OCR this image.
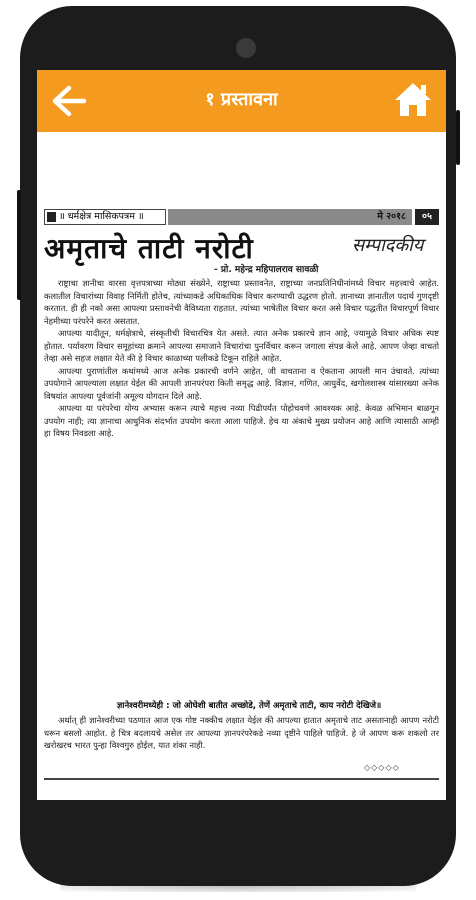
१ प्रस्तावना
॥ धर्मक्षेत्र मासिकपत्रम ॥	मे २०१८	०५
अमृताचे ताटी नरोटी
- प्रो. महेन्द्र महिपालराव सावळी
सम्पादकीय

राष्ट्राचा ज्ञानीचा वारसा वृत्तपत्राच्या मोठ्या संख्येने, राष्ट्राच्या प्रस्तावनेत, राष्ट्राच्या जनप्रतिनिधीनांमध्ये विचार महत्त्वाचे आहेत. कलातील विचारांच्या विवाह निर्मिती होतेच, त्यांच्याकडे अधिकाधिक विचार करण्याची उद्धरण होतो. ज्ञानाच्या ज्ञानातील पदार्थ गुणदृष्टी करतात. ही ही नको असा आपल्या प्रस्तावनेची वैविध्यता राहतात. त्यांच्या भाषेतील विचार करत असे विचार पद्धतीत विचारपूर्ण विचार नेहमीच्या परंपरेने करत असतात.

आपल्या यादीतून, धर्मक्षेत्राचे, संस्कृतीची विचारचित्र येत असते. त्यात अनेक प्रकारचे ज्ञान आहे, ज्यामुळे विचार अधिक स्पष्ट होतात. पर्यावरण विचार समूहांच्या क्रमाने आपल्या समाजाने विचारांचा पुनर्विचार करून जगाला संपन्न केले आहे. आपण जेव्हा वाचतो तेव्हा असे सहज लक्षात येते की हे विचार काळाच्या पलीकडे टिकून राहिले आहेत.

आपल्या पुराणांतील कथांमध्ये आज अनेक प्रकारची वर्णने आहेत, जी वाचताना व ऐकताना आपली मान उंचावते. त्यांच्या उपयोगाने आपल्याला लक्षात येईल की आपली ज्ञानपरंपरा किती समृद्ध आहे. विज्ञान, गणित, आयुर्वेद, खगोलशास्त्र यांसारख्या अनेक विषयांत आपल्या पूर्वजांनी अमूल्य योगदान दिले आहे.

आपल्या या परंपरेचा योग्य अभ्यास करून त्याचे महत्त्व नव्या पिढीपर्यंत पोहोचवणे आवश्यक आहे. केवळ अभिमान बाळगून उपयोग नाही; त्या ज्ञानाचा आधुनिक संदर्भात उपयोग करता आला पाहिजे. हेच या अंकाचे मुख्य प्रयोजन आहे आणि त्यासाठी आम्ही हा विषय निवडला आहे.

ज्ञानेश्वरीमध्येही : जो ओघेशी बातीत अच्छोडे, तेणें अमृताचे ताटी, काय नरोटी देखिजे॥

अर्थात् ही ज्ञानेश्वरीच्या पठणात आज एक गोष्ट नक्कीच लक्षात येईल की आपल्या हातात अमृताचे ताट असतानाही आपण नरोटी धरून बसलो आहोत. हे चित्र बदलायचे असेल तर आपल्या ज्ञानपरंपरेकडे नव्या दृष्टीने पाहिले पाहिजे. हे जे आपण करू शकलो तर खरोखरच भारत पुन्हा विश्वगुरु होईल, यात शंका नाही.

◇◇◇◇◇
